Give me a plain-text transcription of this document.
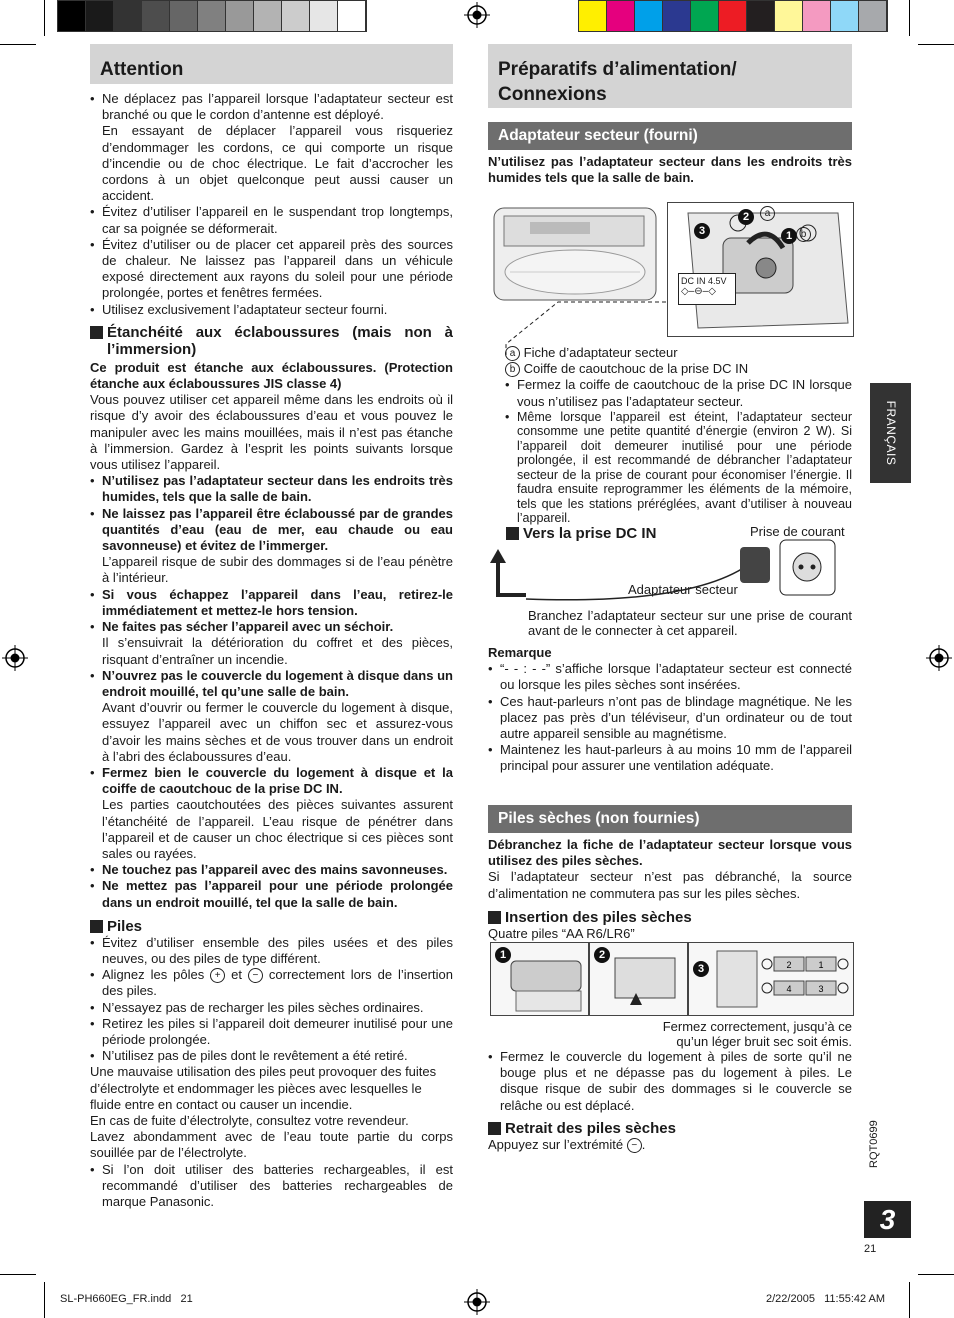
Attention

• Ne déplacez pas l’appareil lorsque l’adaptateur secteur est branché ou que le cordon d’antenne est déployé.

En essayant de déplacer l’appareil vous risqueriez d’endommager les cordons, ce qui comporte un risque d’incendie ou de choc électrique. Le fait d’accrocher les cordons à un objet quelconque peut aussi causer un accident.

• Évitez d’utiliser l’appareil en le suspendant trop longtemps, car sa poignée se déformerait.

• Évitez d’utiliser ou de placer cet appareil près des sources de chaleur. Ne laissez pas l’appareil dans un véhicule exposé directement aux rayons du soleil pour une période prolongée, portes et fenêtres fermées.

• Utilisez exclusivement l’adaptateur secteur fourni.

Étanchéité aux éclaboussures (mais non à l’immersion)

Ce produit est étanche aux éclaboussures. (Protection étanche aux éclaboussures JIS classe 4)

Vous pouvez utiliser cet appareil même dans les endroits où il risque d’y avoir des éclaboussures d’eau et vous pouvez le manipuler avec les mains mouillées, mais il n’est pas étanche à l’immersion. Gardez à l’esprit les points suivants lorsque vous utilisez l’appareil.

• N’utilisez pas l’adaptateur secteur dans les endroits très humides, tels que la salle de bain.

• Ne laissez pas l’appareil être éclaboussé par de grandes quantités d’eau (eau de mer, eau chaude ou eau savonneuse) et évitez de l’immerger.

L’appareil risque de subir des dommages si de l’eau pénètre à l’intérieur.

• Si vous échappez l’appareil dans l’eau, retirez-le immédiatement et mettez-le hors tension.

• Ne faites pas sécher l’appareil avec un séchoir.

Il s’ensuivrait la détérioration du coffret et des pièces, risquant d’entraîner un incendie.

• N’ouvrez pas le couvercle du logement à disque dans un endroit mouillé, tel qu’une salle de bain.

Avant d’ouvrir ou fermer le couvercle du logement à disque, essuyez l’appareil avec un chiffon sec et assurez-vous d’avoir les mains sèches et de vous trouver dans un endroit à l’abri des éclaboussures d’eau.

• Fermez bien le couvercle du logement à disque et la coiffe de caoutchouc de la prise DC IN.

Les parties caoutchoutées des pièces suivantes assurent l’étanchéité de l’appareil. L’eau risque de pénétrer dans l’appareil et de causer un choc électrique si ces pièces sont sales ou rayées.

• Ne touchez pas l’appareil avec des mains savonneuses.

• Ne mettez pas l’appareil pour une période prolongée dans un endroit mouillé, tel que la salle de bain.

Piles

• Évitez d’utiliser ensemble des piles usées et des piles neuves, ou des piles de type différent.

• Alignez les pôles + et − correctement lors de l’insertion des piles.

• N’essayez pas de recharger les piles sèches ordinaires.

• Retirez les piles si l’appareil doit demeurer inutilisé pour une période prolongée.

• N’utilisez pas de piles dont le revêtement a été retiré.

Une mauvaise utilisation des piles peut provoquer des fuites d’électrolyte et endommager les pièces avec lesquelles le fluide entre en contact ou causer un incendie.

En cas de fuite d’électrolyte, consultez votre revendeur.

Lavez abondamment avec de l’eau toute partie du corps souillée par de l’électrolyte.

• Si l’on doit utiliser des batteries rechargeables, il est recommandé d’utiliser des batteries rechargeables de marque Panasonic.

Préparatifs d’alimentation/ Connexions
Adaptateur secteur (fourni)
N’utilisez pas l’adaptateur secteur dans les endroits très humides tels que la salle de bain.
2	a
3	1 b
DC IN 4.5V
◇–⊖–◇

a Fiche d’adaptateur secteur

b Coiffe de caoutchouc de la prise DC IN

• Fermez la coiffe de caoutchouc de la prise DC IN lorsque vous n’utilisez pas l’adaptateur secteur.

• Même lorsque l’appareil est éteint, l’adaptateur secteur consomme une petite quantité d’énergie (environ 2 W). Si l’appareil doit demeurer inutilisé pour une période prolongée, il est recommandé de débrancher l’adaptateur secteur de la prise de courant pour économiser l’énergie. Il faudra ensuite reprogrammer les éléments de la mémoire, tels que les stations préréglées, avant d’utiliser à nouveau l’appareil.

Vers la prise DC IN	Prise de courant
Adaptateur secteur
Branchez l’adaptateur secteur sur une prise de courant avant de le connecter à cet appareil.

Remarque

• “- - : - -” s’affiche lorsque l’adaptateur secteur est connecté ou lorsque les piles sèches sont insérées.

• Ces haut-parleurs n’ont pas de blindage magnétique. Ne les placez pas près d’un téléviseur, d’un ordinateur ou de tout autre appareil sensible au magnétisme.

• Maintenez les haut-parleurs à au moins 10 mm de l’appareil principal pour assurer une ventilation adéquate.

Piles sèches (non fournies)

Débranchez la fiche de l’adaptateur secteur lorsque vous utilisez des piles sèches.

Si l’adaptateur secteur n’est pas débranché, la source d’alimentation ne commutera pas sur les piles sèches.

Insertion des piles sèches

Quatre piles “AA R6/LR6”

1	2
3	2	1
4	3
Fermez correctement, jusqu’à ce qu’un léger bruit sec soit émis.

• Fermez le couvercle du logement à piles de sorte qu’il ne bouge plus et ne dépasse pas du logement à piles. Le disque risque de subir des dommages si le couvercle se relâche ou est déplacé.

Retrait des piles sèches

Appuyez sur l’extrémité − .

FRANÇAIS
RQT0699
3
21
SL-PH660EG_FR.indd   21	2/22/2005   11:55:42 AM
